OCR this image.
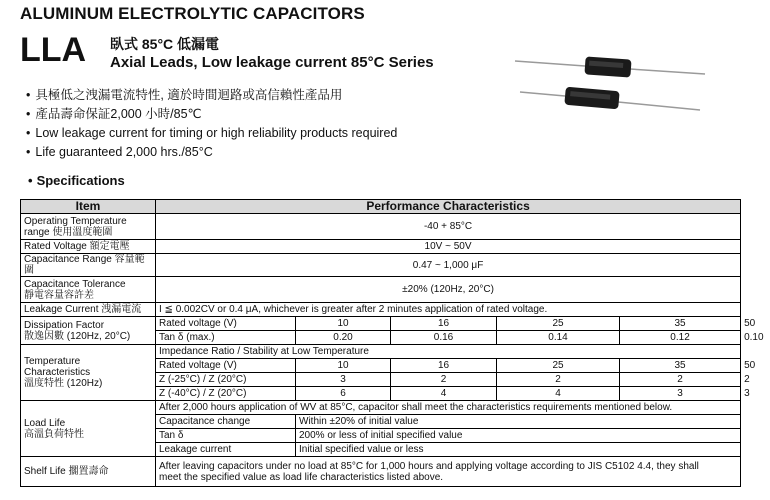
ALUMINUM ELECTROLYTIC CAPACITORS
LLA 臥式 85°C 低漏電
Axial Leads, Low leakage current 85°C Series
• 具極低之洩漏電流特性, 適於時間迴路或高信賴性產品用
• 產品壽命保証2,000 小時/85℃
• Low leakage current for timing or high reliability products required
• Life guaranteed 2,000 hrs./85°C
• Specifications
Item	Performance Characteristics					

Operating Temperature
range 使用溫度範圍	-40 + 85°C					
Rated Voltage 額定電壓	10V ~ 50V					
Capacitance Range 容量範圍	0.47 ~ 1,000 μF					

Capacitance Tolerance
靜電容量容許差	±20% (120Hz, 20°C)					
Leakage Current 洩漏電流	I ≦ 0.002CV or 0.4 μA, whichever is greater after 2 minutes application of rated voltage.					

Dissipation Factor
散逸因數 (120Hz, 20°C)	Rated voltage (V)	10	16	25	35	50
	Tan δ (max.)	0.20	0.16	0.14	0.12	0.10

Temperature
Characteristics
溫度特性 (120Hz)	Impedance Ratio / Stability at Low Temperature					
	Rated voltage (V)	10	16	25	35	50
	Z (-25°C) / Z (20°C)	3	2	2	2	2
	Z (-40°C) / Z (20°C)	6	4	4	3	3

Load Life
高溫負荷特性	After 2,000 hours application of WV at 85°C, capacitor shall meet the characteristics requirements mentioned below.					
	Capacitance change	Within ±20% of initial value				
	Tan δ	200% or less of initial specified value				
	Leakage current	Initial specified value or less				
Shelf Life 擱置壽命	After leaving capacitors under no load at 85°C for 1,000 hours and applying voltage according to JIS C5102 4.4, they shall
meet the specified value as load life characteristics listed above.					
